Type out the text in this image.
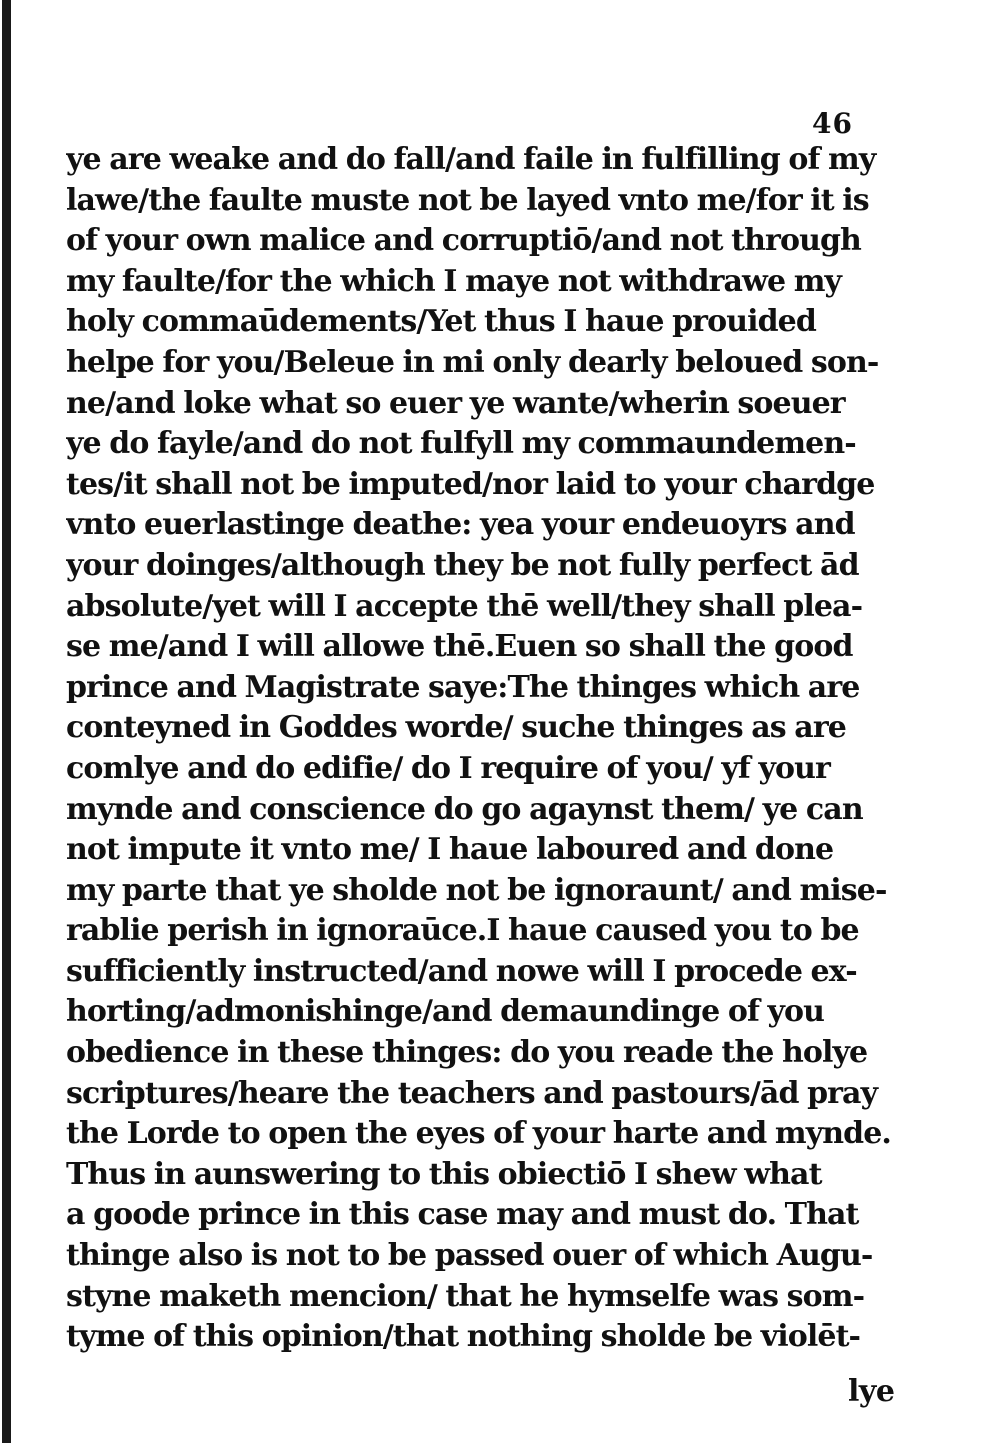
46
ye are weake and do fall/and faile in fulfilling of my
lawe/the faulte muste not be layed vnto me/for it is
of your own malice and corruptiō/and not through
my faulte/for the which I maye not withdrawe my
holy commaūdements/Yet thus I haue prouided
helpe for you/Beleue in mi only dearly beloued son-
ne/and loke what so euer ye wante/wherin soeuer
ye do fayle/and do not fulfyll my commaundemen-
tes/it shall not be imputed/nor laid to your chardge
vnto euerlastinge deathe: yea your endeuoyrs and
your doinges/although they be not fully perfect ād
absolute/yet will I accepte thē well/they shall plea-
se me/and I will allowe thē.Euen so shall the good
prince and Magistrate saye:The thinges which are
conteyned in Goddes worde/ suche thinges as are
comlye and do edifie/ do I require of you/ yf your
mynde and conscience do go agaynst them/ ye can
not impute it vnto me/ I haue laboured and done
my parte that ye sholde not be ignoraunt/ and mise-
rablie perish in ignoraūce.I haue caused you to be
sufficiently instructed/and nowe will I procede ex-
horting/admonishinge/and demaundinge of you
obedience in these thinges: do you reade the holye
scriptures/heare the teachers and pastours/ād pray
the Lorde to open the eyes of your harte and mynde.
Thus in aunswering to this obiectiō I shew what
a goode prince in this case may and must do. That
thinge also is not to be passed ouer of which Augu-
styne maketh mencion/ that he hymselfe was som-
tyme of this opinion/that nothing sholde be violēt-
lye
